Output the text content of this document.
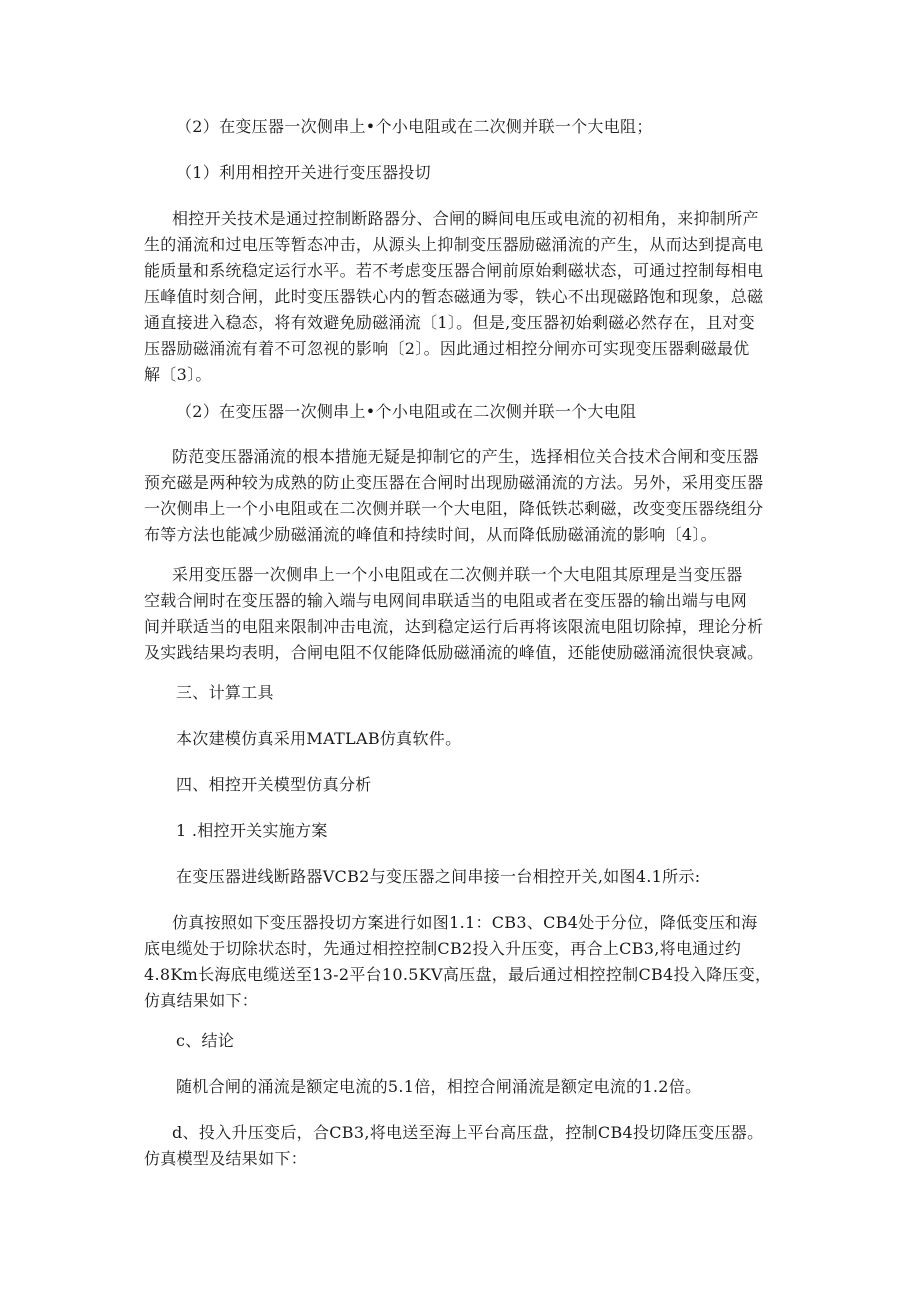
（2）在变压器一次侧串上•个小电阻或在二次侧并联一个大电阻；

（1）利用相控开关进行变压器投切

相控开关技术是通过控制断路器分、合闸的瞬间电压或电流的初相角，来抑制所产
生的涌流和过电压等暂态冲击，从源头上抑制变压器励磁涌流的产生，从而达到提高电
能质量和系统稳定运行水平。若不考虑变压器合闸前原始剩磁状态，可通过控制每相电
压峰值时刻合闸，此时变压器铁心内的暂态磁通为零，铁心不出现磁路饱和现象，总磁
通直接进入稳态，将有效避免励磁涌流〔1〕。但是,变压器初始剩磁必然存在，且对变
压器励磁涌流有着不可忽视的影响〔2〕。因此通过相控分闸亦可实现变压器剩磁最优
解〔3〕。

（2）在变压器一次侧串上•个小电阻或在二次侧并联一个大电阻

防范变压器涌流的根本措施无疑是抑制它的产生，选择相位关合技术合闸和变压器
预充磁是两种较为成熟的防止变压器在合闸时出现励磁涌流的方法。另外，采用变压器
一次侧串上一个小电阻或在二次侧并联一个大电阻，降低铁芯剩磁，改变变压器绕组分
布等方法也能减少励磁涌流的峰值和持续时间，从而降低励磁涌流的影响〔4〕。

采用变压器一次侧串上一个小电阻或在二次侧并联一个大电阻其原理是当变压器
空载合闸时在变压器的输入端与电网间串联适当的电阻或者在变压器的输出端与电网
间并联适当的电阻来限制冲击电流，达到稳定运行后再将该限流电阻切除掉，理论分析
及实践结果均表明，合闸电阻不仅能降低励磁涌流的峰值，还能使励磁涌流很快衰减。

三、计算工具

本次建模仿真采用MATLAB仿真软件。

四、相控开关模型仿真分析

1 .相控开关实施方案

在变压器进线断路器VCB2与变压器之间串接一台相控开关,如图4.1所示:

仿真按照如下变压器投切方案进行如图1.1：CB3、CB4处于分位，降低变压和海
底电缆处于切除状态时，先通过相控控制CB2投入升压变，再合上CB3,将电通过约
4.8Km长海底电缆送至13-2平台10.5KV高压盘，最后通过相控控制CB4投入降压变，
仿真结果如下：

c、结论

随机合闸的涌流是额定电流的5.1倍，相控合闸涌流是额定电流的1.2倍。

d、投入升压变后，合CB3,将电送至海上平台高压盘，控制CB4投切降压变压器。
仿真模型及结果如下：
